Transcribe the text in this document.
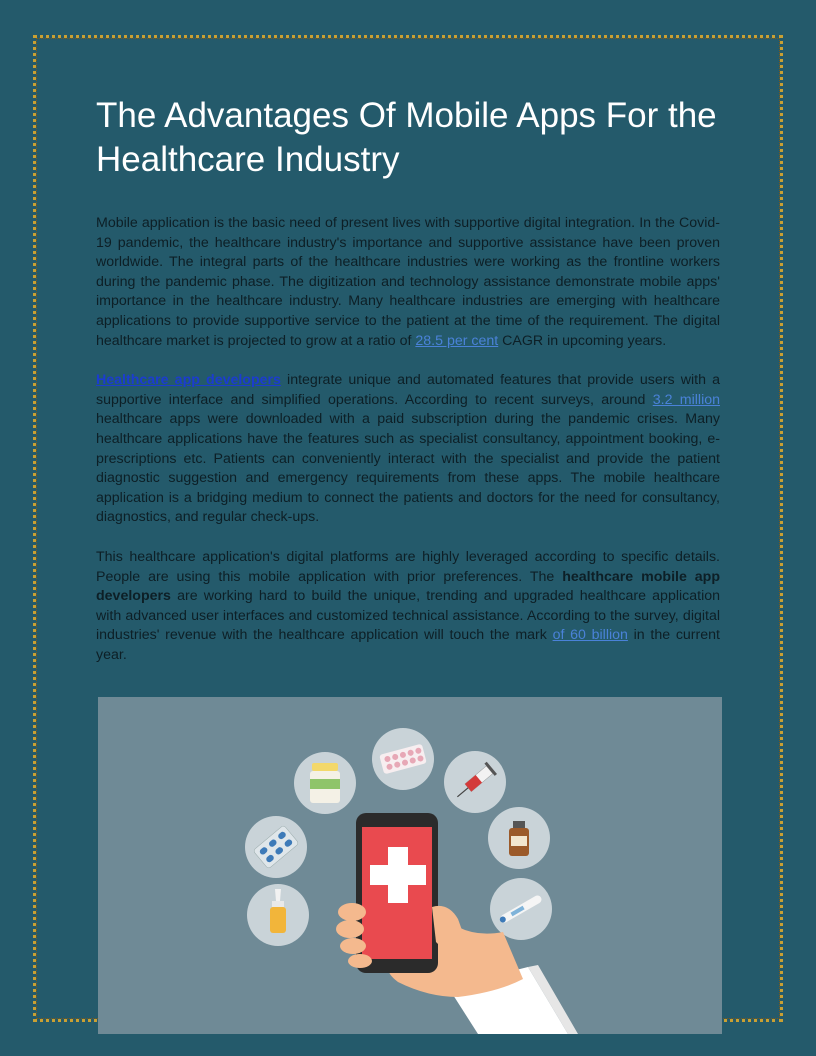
The Advantages Of Mobile Apps For the Healthcare Industry

Mobile application is the basic need of present lives with supportive digital integration. In the Covid-19 pandemic, the healthcare industry's importance and supportive assistance have been proven worldwide. The integral parts of the healthcare industries were working as the frontline workers during the pandemic phase. The digitization and technology assistance demonstrate mobile apps' importance in the healthcare industry. Many healthcare industries are emerging with healthcare applications to provide supportive service to the patient at the time of the requirement. The digital healthcare market is projected to grow at a ratio of 28.5 per cent CAGR in upcoming years.

Healthcare app developers integrate unique and automated features that provide users with a supportive interface and simplified operations. According to recent surveys, around 3.2 million healthcare apps were downloaded with a paid subscription during the pandemic crises. Many healthcare applications have the features such as specialist consultancy, appointment booking, e-prescriptions etc. Patients can conveniently interact with the specialist and provide the patient diagnostic suggestion and emergency requirements from these apps. The mobile healthcare application is a bridging medium to connect the patients and doctors for the need for consultancy, diagnostics, and regular check-ups.

This healthcare application's digital platforms are highly leveraged according to specific details. People are using this mobile application with prior preferences. The healthcare mobile app developers are working hard to build the unique, trending and upgraded healthcare application with advanced user interfaces and customized technical assistance. According to the survey, digital industries' revenue with the healthcare application will touch the mark of 60 billion in the current year.
